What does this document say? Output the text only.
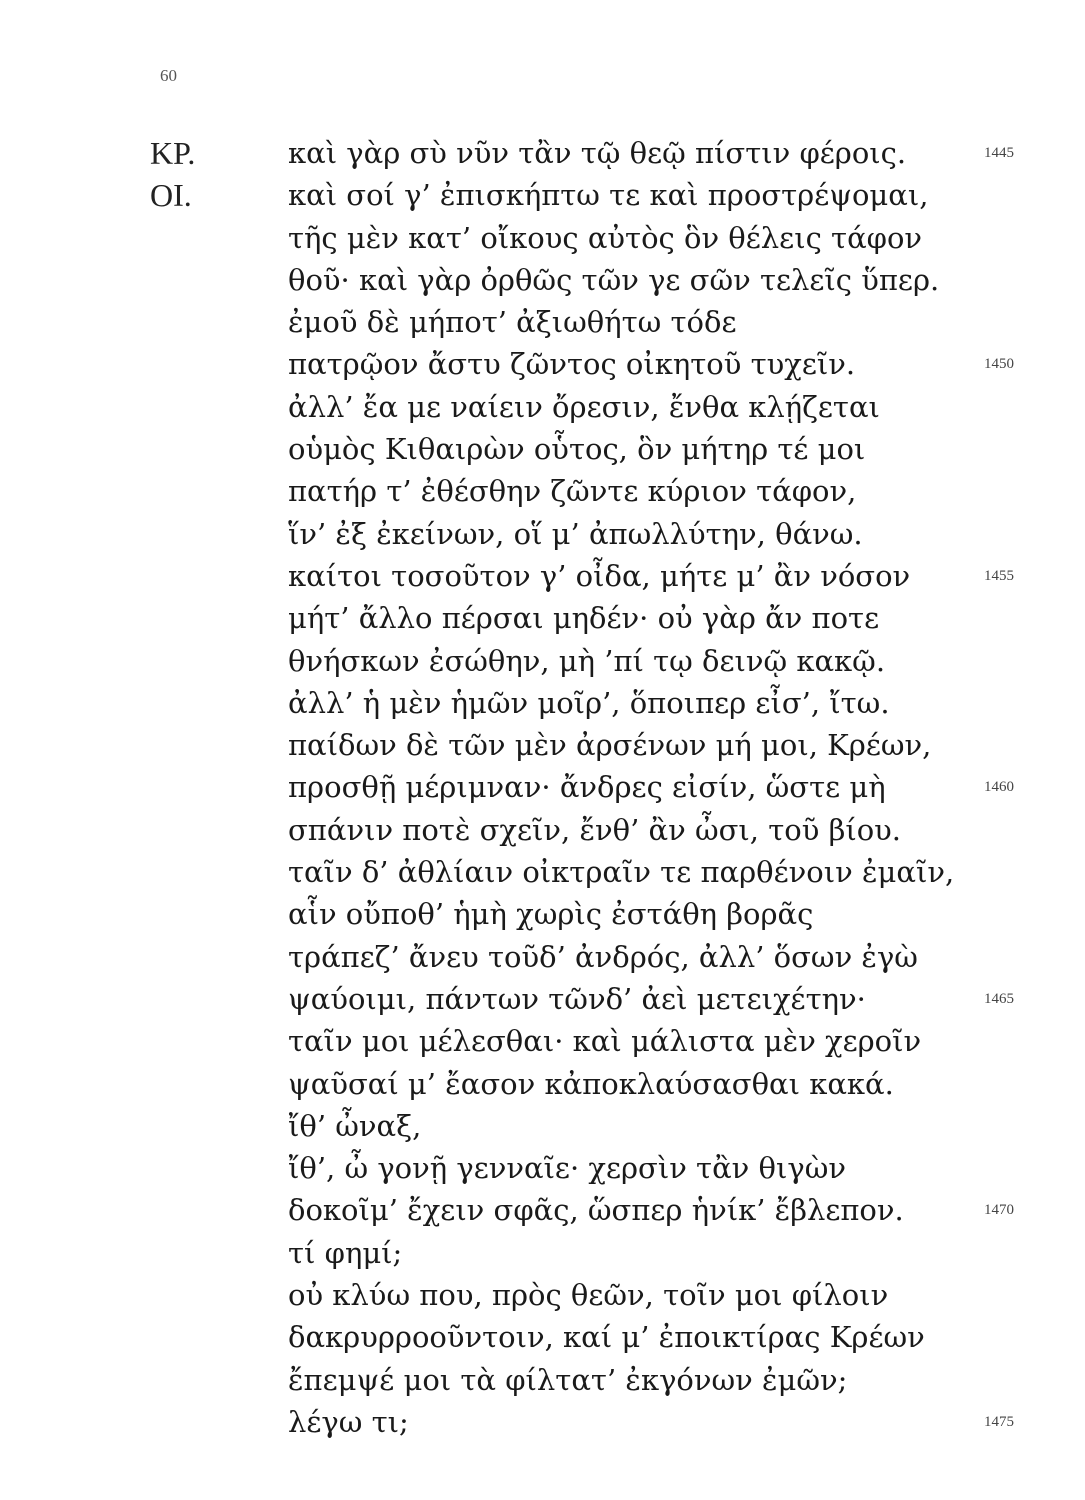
60
ΚΡ.	καὶ γὰρ σὺ νῦν τἂν τῷ θεῷ πίστιν φέροις.	1445
ΟΙ.	καὶ σοί γ’ ἐπισκήπτω τε καὶ προστρέψομαι,
τῆς μὲν κατ’ οἴκους αὐτὸς ὃν θέλεις τάφον
θοῦ· καὶ γὰρ ὀρθῶς τῶν γε σῶν τελεῖς ὕπερ.
ἐμοῦ δὲ μήποτ’ ἀξιωθήτω τόδε
πατρῷον ἄστυ ζῶντος οἰκητοῦ τυχεῖν.	1450
ἀλλ’ ἔα με ναίειν ὄρεσιν, ἔνθα κλῄζεται
οὑμὸς Κιθαιρὼν οὗτος, ὃν μήτηρ τέ μοι
πατήρ τ’ ἐθέσθην ζῶντε κύριον τάφον,
ἵν’ ἐξ ἐκείνων, οἵ μ’ ἀπωλλύτην, θάνω.
καίτοι τοσοῦτον γ’ οἶδα, μήτε μ’ ἂν νόσον	1455
μήτ’ ἄλλο πέρσαι μηδέν· οὐ γὰρ ἄν ποτε
θνήσκων ἐσώθην, μὴ ’πί τῳ δεινῷ κακῷ.
ἀλλ’ ἡ μὲν ἡμῶν μοῖρ’, ὅποιπερ εἶσ’, ἴτω.
παίδων δὲ τῶν μὲν ἀρσένων μή μοι, Κρέων,
προσθῇ μέριμναν· ἄνδρες εἰσίν, ὥστε μὴ	1460
σπάνιν ποτὲ σχεῖν, ἔνθ’ ἂν ὦσι, τοῦ βίου.
ταῖν δ’ ἀθλίαιν οἰκτραῖν τε παρθένοιν ἐμαῖν,
αἷν οὔποθ’ ἡμὴ χωρὶς ἐστάθη βορᾶς
τράπεζ’ ἄνευ τοῦδ’ ἀνδρός, ἀλλ’ ὅσων ἐγὼ
ψαύοιμι, πάντων τῶνδ’ ἀεὶ μετειχέτην·	1465
ταῖν μοι μέλεσθαι· καὶ μάλιστα μὲν χεροῖν
ψαῦσαί μ’ ἔασον κἀποκλαύσασθαι κακά.
ἴθ’ ὦναξ,
ἴθ’, ὦ γονῇ γενναῖε· χερσὶν τἂν θιγὼν
δοκοῖμ’ ἔχειν σφᾶς, ὥσπερ ἡνίκ’ ἔβλεπον.	1470
τί φημί;
οὐ κλύω που, πρὸς θεῶν, τοῖν μοι φίλοιν
δακρυρροοῦντοιν, καί μ’ ἐποικτίρας Κρέων
ἔπεμψέ μοι τὰ φίλτατ’ ἐκγόνων ἐμῶν;
λέγω τι;	1475
